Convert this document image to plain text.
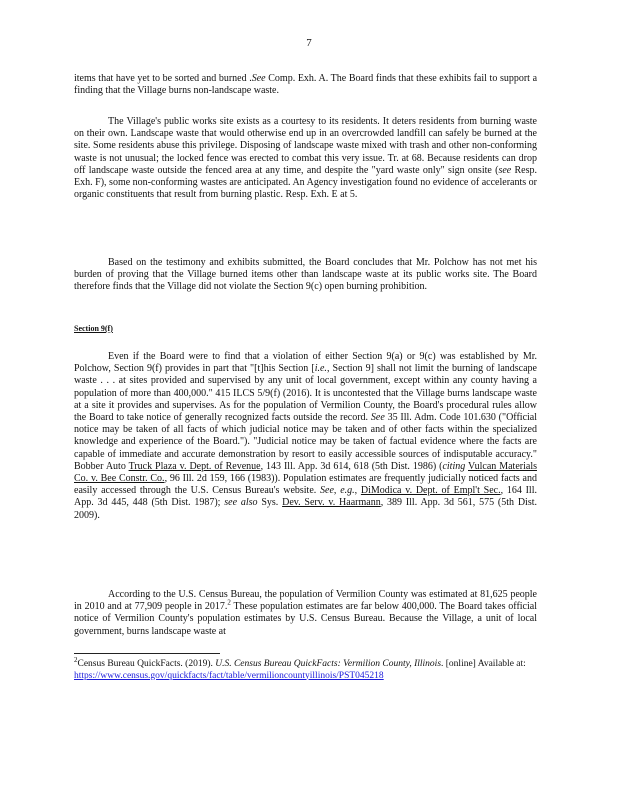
7

items that have yet to be sorted and burned .See Comp. Exh. A. The Board finds that these exhibits fail to support a finding that the Village burns non-landscape waste.

The Village's public works site exists as a courtesy to its residents. It deters residents from burning waste on their own. Landscape waste that would otherwise end up in an overcrowded landfill can safely be burned at the site. Some residents abuse this privilege. Disposing of landscape waste mixed with trash and other non-conforming waste is not unusual; the locked fence was erected to combat this very issue. Tr. at 68. Because residents can drop off landscape waste outside the fenced area at any time, and despite the "yard waste only" sign onsite (see Resp. Exh. F), some non-conforming wastes are anticipated. An Agency investigation found no evidence of accelerants or organic constituents that result from burning plastic. Resp. Exh. E at 5.

Based on the testimony and exhibits submitted, the Board concludes that Mr. Polchow has not met his burden of proving that the Village burned items other than landscape waste at its public works site. The Board therefore finds that the Village did not violate the Section 9(c) open burning prohibition.

Section 9(f)

Even if the Board were to find that a violation of either Section 9(a) or 9(c) was established by Mr. Polchow, Section 9(f) provides in part that "[t]his Section [i.e., Section 9] shall not limit the burning of landscape waste . . . at sites provided and supervised by any unit of local government, except within any county having a population of more than 400,000." 415 ILCS 5/9(f) (2016). It is uncontested that the Village burns landscape waste at a site it provides and supervises. As for the population of Vermilion County, the Board's procedural rules allow the Board to take notice of generally recognized facts outside the record. See 35 Ill. Adm. Code 101.630 ("Official notice may be taken of all facts of which judicial notice may be taken and of other facts within the specialized knowledge and experience of the Board."). "Judicial notice may be taken of factual evidence where the facts are capable of immediate and accurate demonstration by resort to easily accessible sources of indisputable accuracy." Bobber Auto Truck Plaza v. Dept. of Revenue, 143 Ill. App. 3d 614, 618 (5th Dist. 1986) (citing Vulcan Materials Co. v. Bee Constr. Co., 96 Ill. 2d 159, 166 (1983)). Population estimates are frequently judicially noticed facts and easily accessed through the U.S. Census Bureau's website. See, e.g., DiModica v. Dept. of Empl't Sec., 164 Ill. App. 3d 445, 448 (5th Dist. 1987); see also Sys. Dev. Serv. v. Haarmann, 389 Ill. App. 3d 561, 575 (5th Dist. 2009).

According to the U.S. Census Bureau, the population of Vermilion County was estimated at 81,625 people in 2010 and at 77,909 people in 2017.$^2$ These population estimates are far below 400,000. The Board takes official notice of Vermilion County's population estimates by U.S. Census Bureau. Because the Village, a unit of local government, burns landscape waste at

$^2$Census Bureau QuickFacts. (2019). U.S. Census Bureau QuickFacts: Vermilion County, Illinois. [online] Available at:
https://www.census.gov/quickfacts/fact/table/vermilioncountyillinois/PST045218
